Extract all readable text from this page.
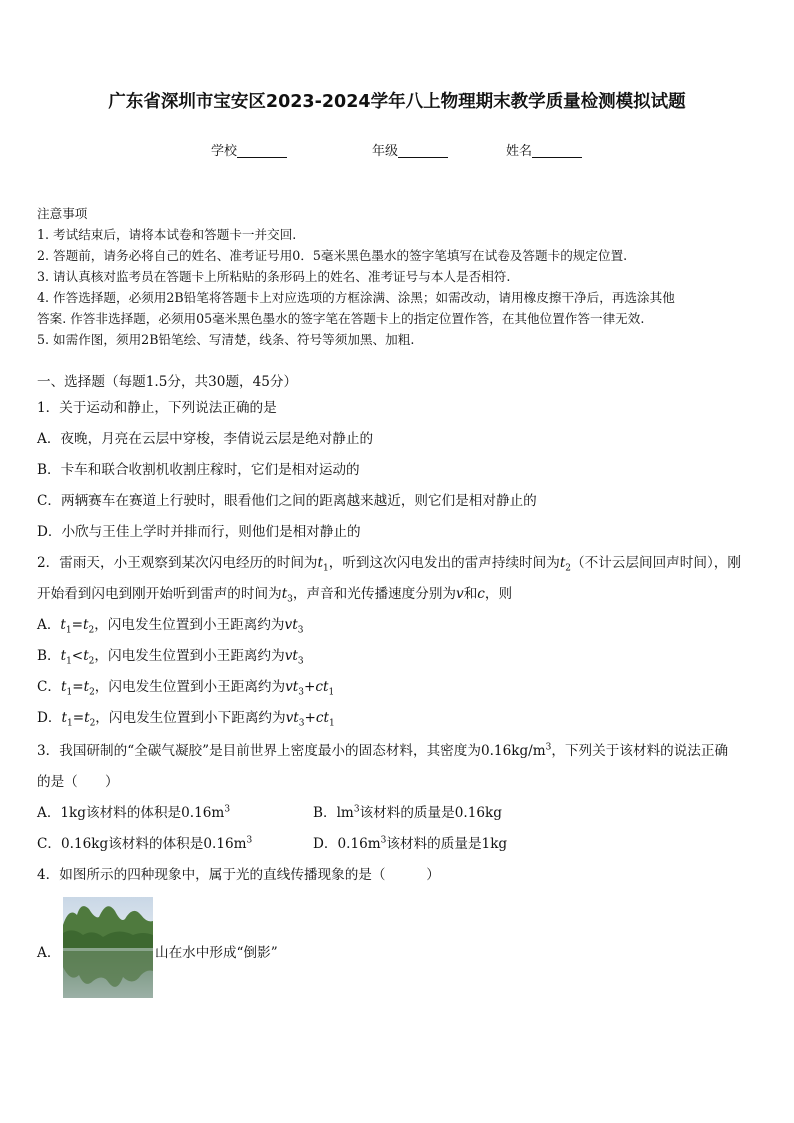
广东省深圳市宝安区2023-2024学年八上物理期末教学质量检测模拟试题
学校	年级	姓名
注意事项
1. 考试结束后，请将本试卷和答题卡一并交回.
2. 答题前，请务必将自己的姓名、准考证号用0．5毫米黑色墨水的签字笔填写在试卷及答题卡的规定位置.
3. 请认真核对监考员在答题卡上所粘贴的条形码上的姓名、准考证号与本人是否相符.
4. 作答选择题，必须用2B铅笔将答题卡上对应选项的方框涂满、涂黑；如需改动，请用橡皮擦干净后，再选涂其他
答案. 作答非选择题，必须用05毫米黑色墨水的签字笔在答题卡上的指定位置作答，在其他位置作答一律无效.
5. 如需作图，须用2B铅笔绘、写清楚，线条、符号等须加黑、加粗.
一、选择题（每题1.5分，共30题，45分）
1．关于运动和静止，下列说法正确的是
A．夜晚，月亮在云层中穿梭，李倩说云层是绝对静止的
B．卡车和联合收割机收割庄稼时，它们是相对运动的
C．两辆赛车在赛道上行驶时，眼看他们之间的距离越来越近，则它们是相对静止的
D．小欣与王佳上学时并排而行，则他们是相对静止的
2．雷雨天，小王观察到某次闪电经历的时间为$t_1$，听到这次闪电发出的雷声持续时间为$t_2$（不计云层间回声时间），刚
开始看到闪电到刚开始听到雷声的时间为$t_3$，声音和光传播速度分别为v和c，则
A．$t_1=t_2$，闪电发生位置到小王距离约为$vt_3$
B．$t_1<t_2$，闪电发生位置到小王距离约为$vt_3$
C．$t_1=t_2$，闪电发生位置到小王距离约为$vt_3+ct_1$
D．$t_1=t_2$，闪电发生位置到小下距离约为$vt_3+ct_1$
3．我国研制的“全碳气凝胶”是目前世界上密度最小的固态材料，其密度为$0.16kg/m^3$，下列关于该材料的说法正确
的是（　　）
A．1kg该材料的体积是$0.16m^3$	B．$lm^3$该材料的质量是0.16kg
C．0.16kg该材料的体积是$0.16m^3$	D．$0.16m^3$该材料的质量是1kg
4．如图所示的四种现象中，属于光的直线传播现象的是（　　　）
A．	山在水中形成“倒影”
